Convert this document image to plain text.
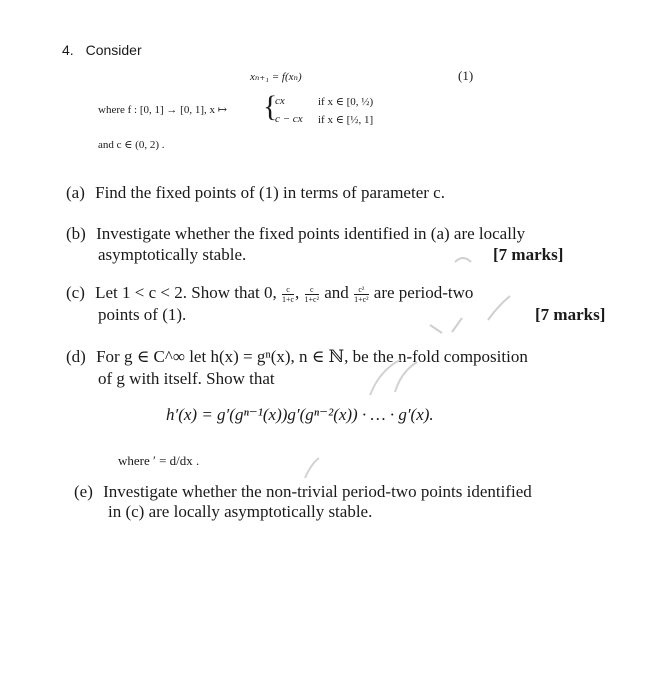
4. Consider
xₙ₊₁ = f(xₙ)	(1)
where f : [0, 1] → [0, 1], x ↦ {
cx	if x ∈ [0, ½)
c − cx if x ∈ [½, 1]
and c ∈ (0, 2) .
(a) Find the fixed points of (1) in terms of parameter c.
(b) Investigate whether the fixed points identified in (a) are locally
asymptotically stable.	[7 marks]
(c) Let 1 < c < 2. Show that 0, $\frac{c}{1+c}$ , $\frac{c}{\text{1+c²}}$ and $\frac{\text{c²}}{\text{1+c²}}$ are period-two
points of (1).	[7 marks]
(d) For g ∈ C^∞ let h(x) = gⁿ(x), n ∈ ℕ, be the n-fold composition
of g with itself. Show that
h′(x) = g′(gⁿ⁻¹(x))g′(gⁿ⁻²(x)) · … · g′(x).
where ′ = d/dx .
(e) Investigate whether the non-trivial period-two points identified
in (c) are locally asymptotically stable.
